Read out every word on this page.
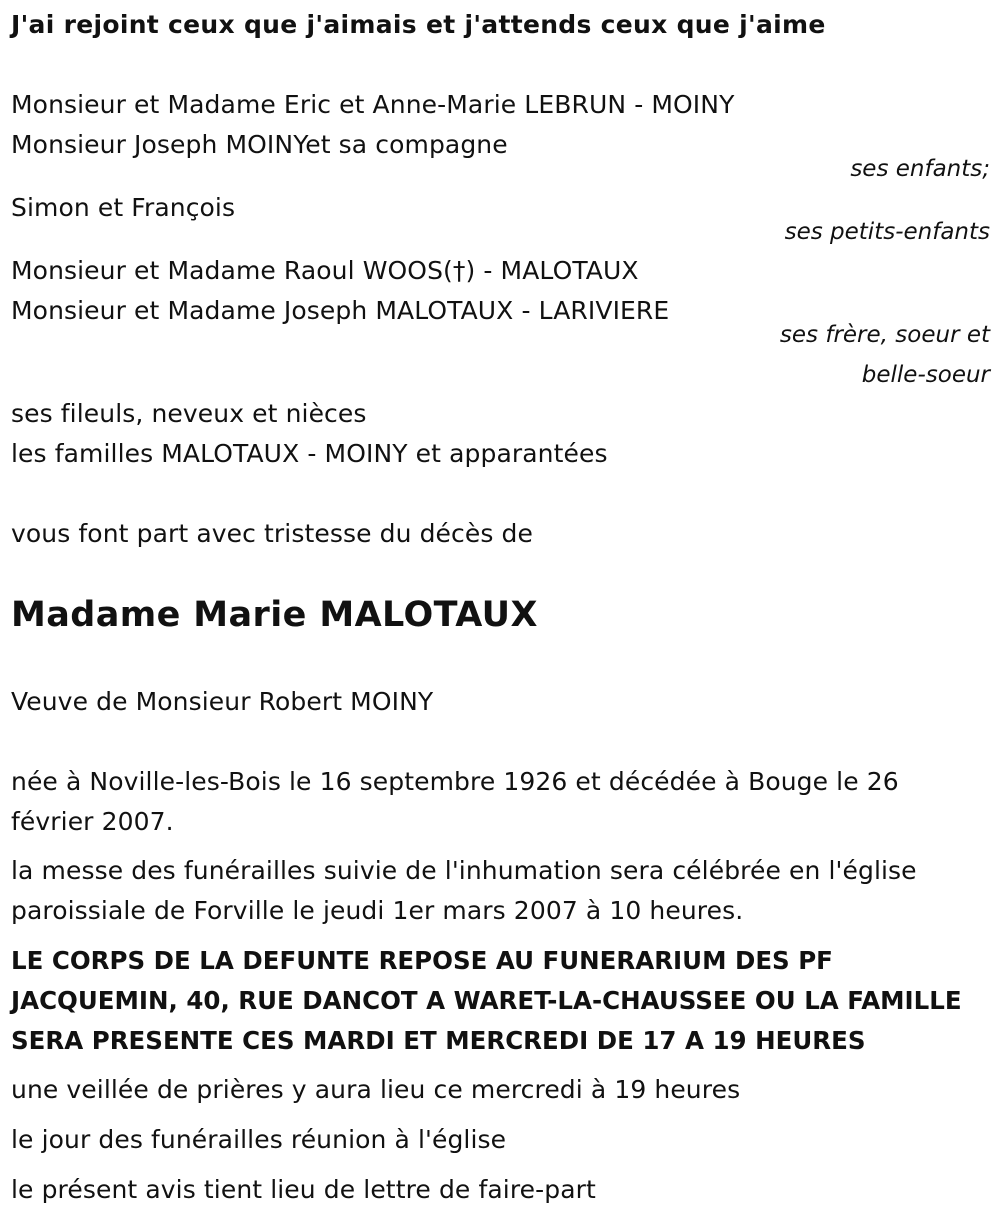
J'ai rejoint ceux que j'aimais et j'attends ceux que j'aime
Monsieur et Madame Eric et Anne-Marie LEBRUN - MOINY
Monsieur Joseph MOINYet sa compagne
ses enfants;
Simon et François
ses petits-enfants
Monsieur et Madame Raoul WOOS(†) - MALOTAUX
Monsieur et Madame Joseph MALOTAUX - LARIVIERE
ses frère, soeur et
belle-soeur
ses fileuls, neveux et nièces
les familles MALOTAUX - MOINY et apparantées
vous font part avec tristesse du décès de
Madame Marie MALOTAUX
Veuve de Monsieur Robert MOINY
née à Noville-les-Bois le 16 septembre 1926 et décédée à Bouge le 26
février 2007.
la messe des funérailles suivie de l'inhumation sera célébrée en l'église
paroissiale de Forville le jeudi 1er mars 2007 à 10 heures.
LE CORPS DE LA DEFUNTE REPOSE AU FUNERARIUM DES PF
JACQUEMIN, 40, RUE DANCOT A WARET-LA-CHAUSSEE OU LA FAMILLE
SERA PRESENTE CES MARDI ET MERCREDI DE 17 A 19 HEURES
une veillée de prières y aura lieu ce mercredi à 19 heures
le jour des funérailles réunion à l'église
le présent avis tient lieu de lettre de faire-part
